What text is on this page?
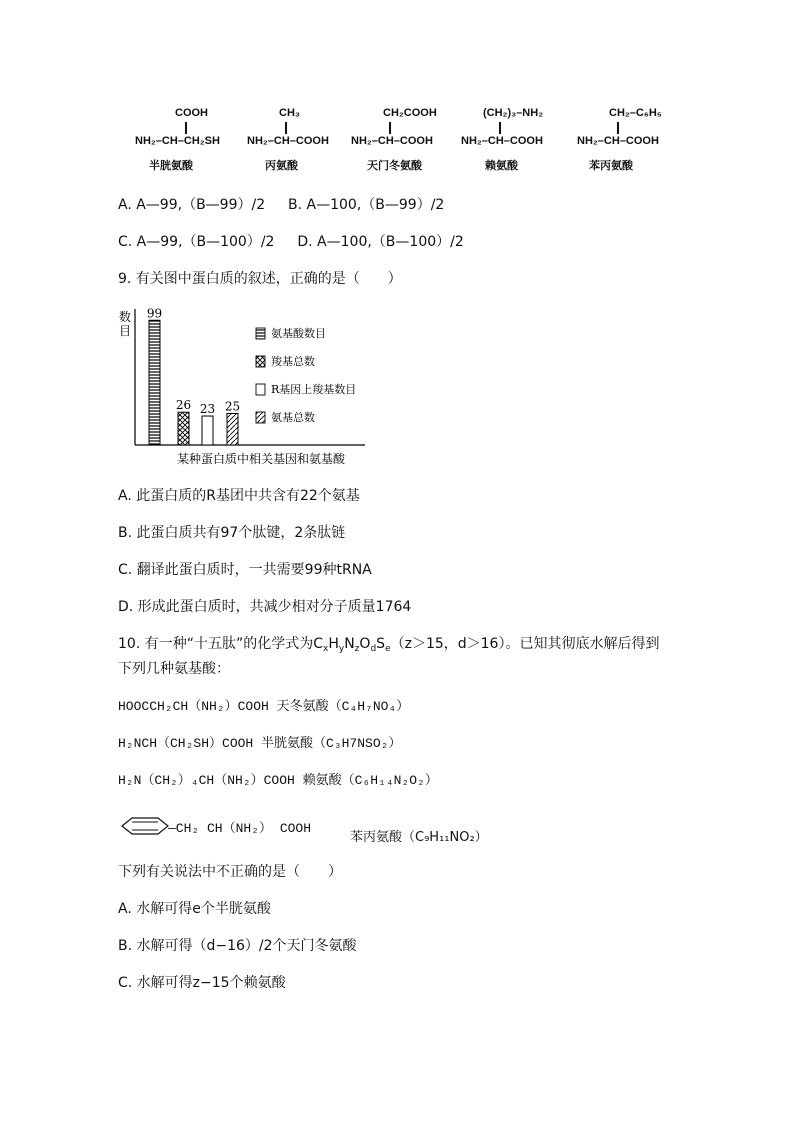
COOH
NH₂–CH–CH₂SH
半胱氨酸
CH₃
NH₂–CH–COOH
丙氨酸
CH₂COOH
NH₂–CH–COOH
天门冬氨酸
(CH₂)₃–NH₂
NH₂–CH–COOH
赖氨酸
CH₂–C₆H₅
NH₂–CH–COOH
苯丙氨酸
A. A—99,（B—99）/2 B. A—100,（B—99）/2
C. A—99,（B—100）/2 D. A—100,（B—100）/2
9. 有关图中蛋白质的叙述，正确的是（　　）
数
目
99
26 23 25
氨基酸数目
羧基总数
R基因上羧基数目
氨基总数
某种蛋白质中相关基因和氨基酸
A. 此蛋白质的R基团中共含有22个氨基
B. 此蛋白质共有97个肽键，2条肽链
C. 翻译此蛋白质时，一共需要99种tRNA
D. 形成此蛋白质时，共减少相对分子质量1764
10. 有一种“十五肽”的化学式为$C_xH_yN_zO_dS_e(z>15$，d＞16）。已知其彻底水解后得到
下列几种氨基酸：
HOOCCH₂CH（NH₂）COOH 天冬氨酸（C₄H₇NO₄）
H₂NCH（CH₂SH）COOH 半胱氨酸（C₃H7NSO₂）
H₂N（CH₂）₄CH（NH₂）COOH 赖氨酸（C₆H₁₄N₂O₂）
—CH₂ CH（NH₂） COOH
苯丙氨酸（C₉H₁₁NO₂）
下列有关说法中不正确的是（　　）
A. 水解可得e个半胱氨酸
B. 水解可得（d−16）/2个天门冬氨酸
C. 水解可得z−15个赖氨酸
